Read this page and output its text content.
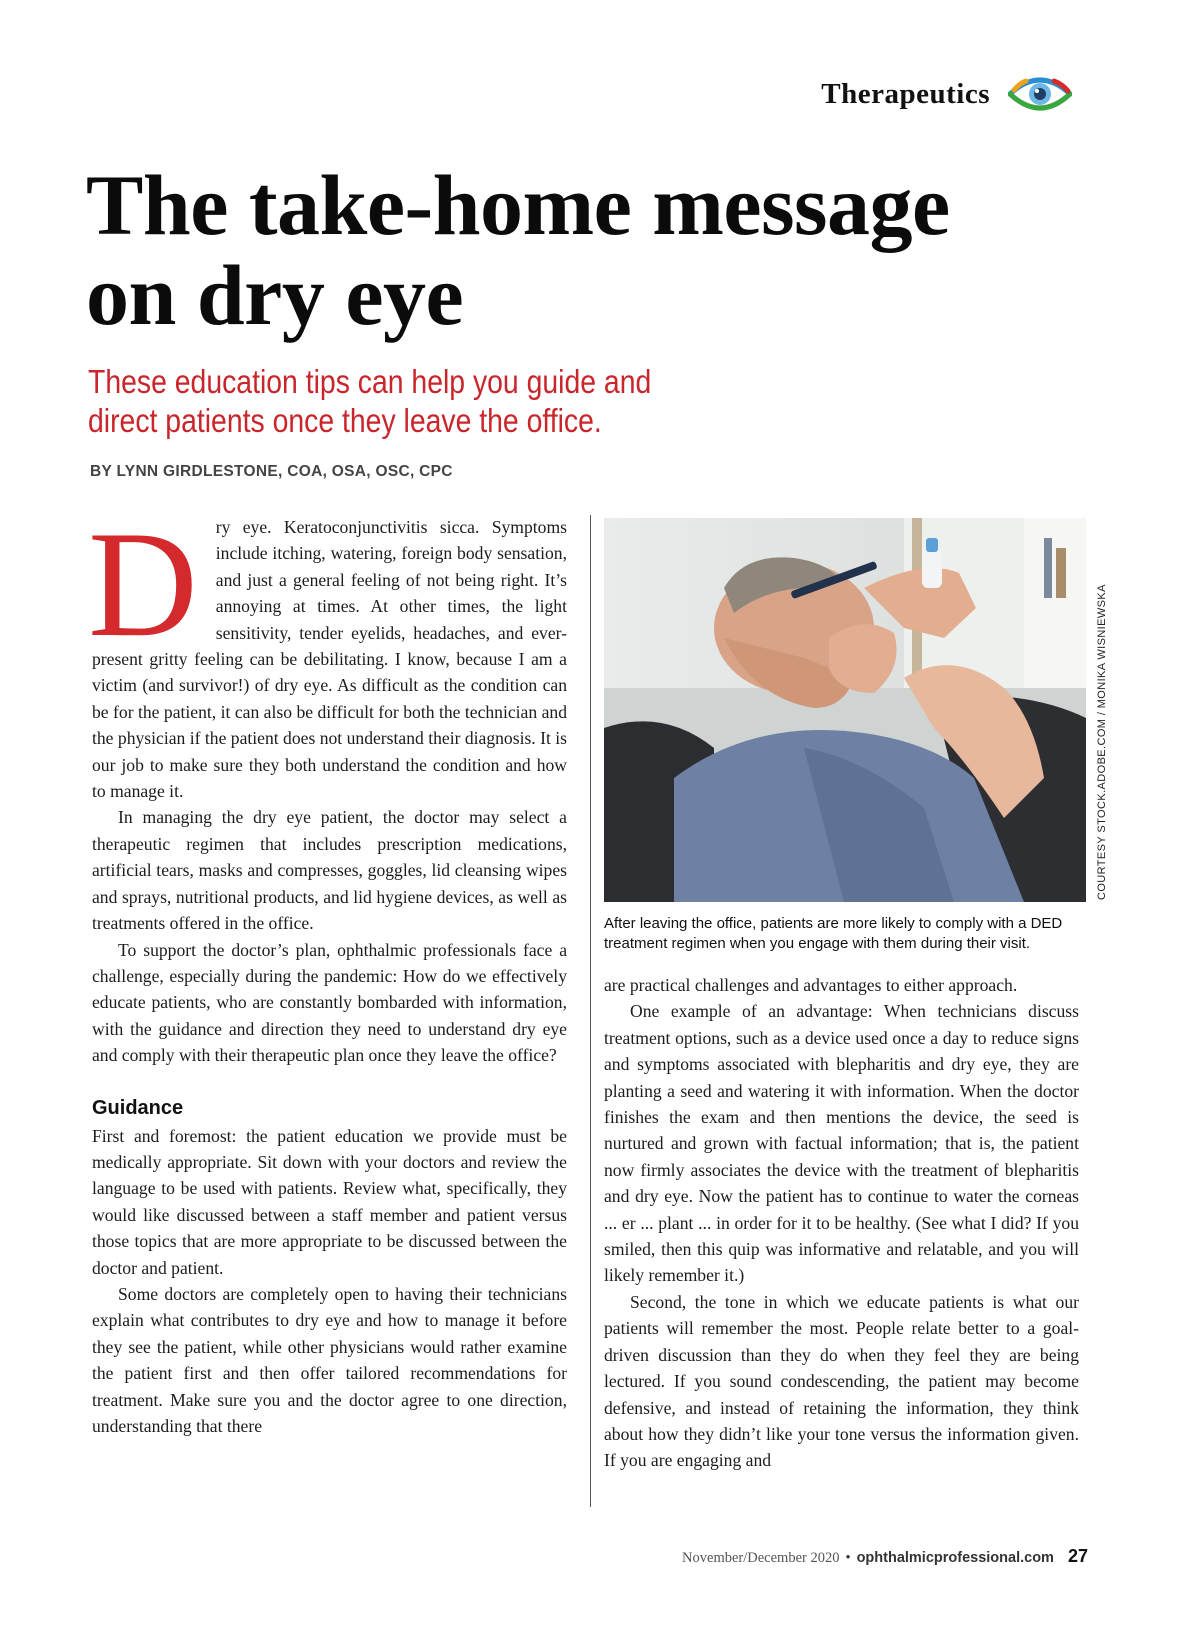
Therapeutics
The take-home message on dry eye

These education tips can help you guide and direct patients once they leave the office.

BY LYNN GIRDLESTONE, COA, OSA, OSC, CPC

D ry eye. Keratoconjunctivitis sicca. Symptoms include itching, watering, foreign body sensation, and just a general feeling of not being right. It’s annoying at times. At other times, the light sensitivity, tender eyelids, headaches, and ever-present gritty feeling can be debilitating. I know, because I am a victim (and survivor!) of dry eye. As difficult as the condition can be for the patient, it can also be difficult for both the technician and the physician if the patient does not understand their diagnosis. It is our job to make sure they both understand the condition and how to manage it.

In managing the dry eye patient, the doctor may select a therapeutic regimen that includes prescription medications, artificial tears, masks and compresses, goggles, lid cleansing wipes and sprays, nutritional products, and lid hygiene devices, as well as treatments offered in the office.

To support the doctor’s plan, ophthalmic professionals face a challenge, especially during the pandemic: How do we effectively educate patients, who are constantly bombarded with information, with the guidance and direction they need to understand dry eye and comply with their therapeutic plan once they leave the office?

Guidance

First and foremost: the patient education we provide must be medically appropriate. Sit down with your doctors and review the language to be used with patients. Review what, specifically, they would like discussed between a staff member and patient versus those topics that are more appropriate to be discussed between the doctor and patient.

Some doctors are completely open to having their technicians explain what contributes to dry eye and how to manage it before they see the patient, while other physicians would rather examine the patient first and then offer tailored recommendations for treatment. Make sure you and the doctor agree to one direction, understanding that there

COURTESY STOCK.ADOBE.COM / MONIKA WISNIEWSKA

After leaving the office, patients are more likely to comply with a DED treatment regimen when you engage with them during their visit.

are practical challenges and advantages to either approach.

One example of an advantage: When technicians discuss treatment options, such as a device used once a day to reduce signs and symptoms associated with blepharitis and dry eye, they are planting a seed and watering it with information. When the doctor finishes the exam and then mentions the device, the seed is nurtured and grown with factual information; that is, the patient now firmly associates the device with the treatment of blepharitis and dry eye. Now the patient has to continue to water the corneas ... er ... plant ... in order for it to be healthy. (See what I did? If you smiled, then this quip was informative and relatable, and you will likely remember it.)

Second, the tone in which we educate patients is what our patients will remember the most. People relate better to a goal-driven discussion than they do when they feel they are being lectured. If you sound condescending, the patient may become defensive, and instead of retaining the information, they think about how they didn’t like your tone versus the information given. If you are engaging and

November/December 2020 • ophthalmicprofessional.com 27
